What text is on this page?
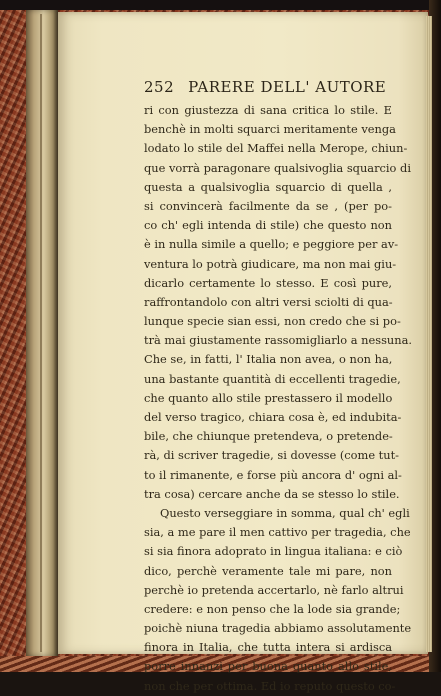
252 PARERE DELL' AUTORE
ri con giustezza di sana critica lo stile. E
benchè in molti squarci meritamente venga
lodato lo stile del Maffei nella Merope, chiun-
que vorrà paragonare qualsivoglia squarcio di
questa a qualsivoglia squarcio di quella ,
si convincerà facilmente da se , (per po-
co ch' egli intenda di stile) che questo non
è in nulla simile a quello; e peggiore per av-
ventura lo potrà giudicare, ma non mai giu-
dicarlo certamente lo stesso. E così pure,
raffrontandolo con altri versi sciolti di qua-
lunque specie sian essi, non credo che si po-
trà mai giustamente rassomigliarlo a nessuna.
Che se, in fatti, l' Italia non avea, o non ha,
una bastante quantità di eccellenti tragedie,
che quanto allo stile prestassero il modello
del verso tragico, chiara cosa è, ed indubita-
bile, che chiunque pretendeva, o pretende-
rà, di scriver tragedie, si dovesse (come tut-
to il rimanente, e forse più ancora d' ogni al-
tra cosa) cercare anche da se stesso lo stile.
Questo verseggiare in somma, qual ch' egli
sia, a me pare il men cattivo per tragedia, che
si sia finora adoprato in lingua italiana: e ciò
dico, perchè veramente tale mi pare, non
perchè io pretenda accertarlo, nè farlo altrui
credere: e non penso che la lode sia grande;
poichè niuna tragedia abbiamo assolutamente
finora in Italia, che tutta intera si ardisca
porre innanzi per buona quanto allo stile,
non che per ottima. Ed io reputo questo co-
